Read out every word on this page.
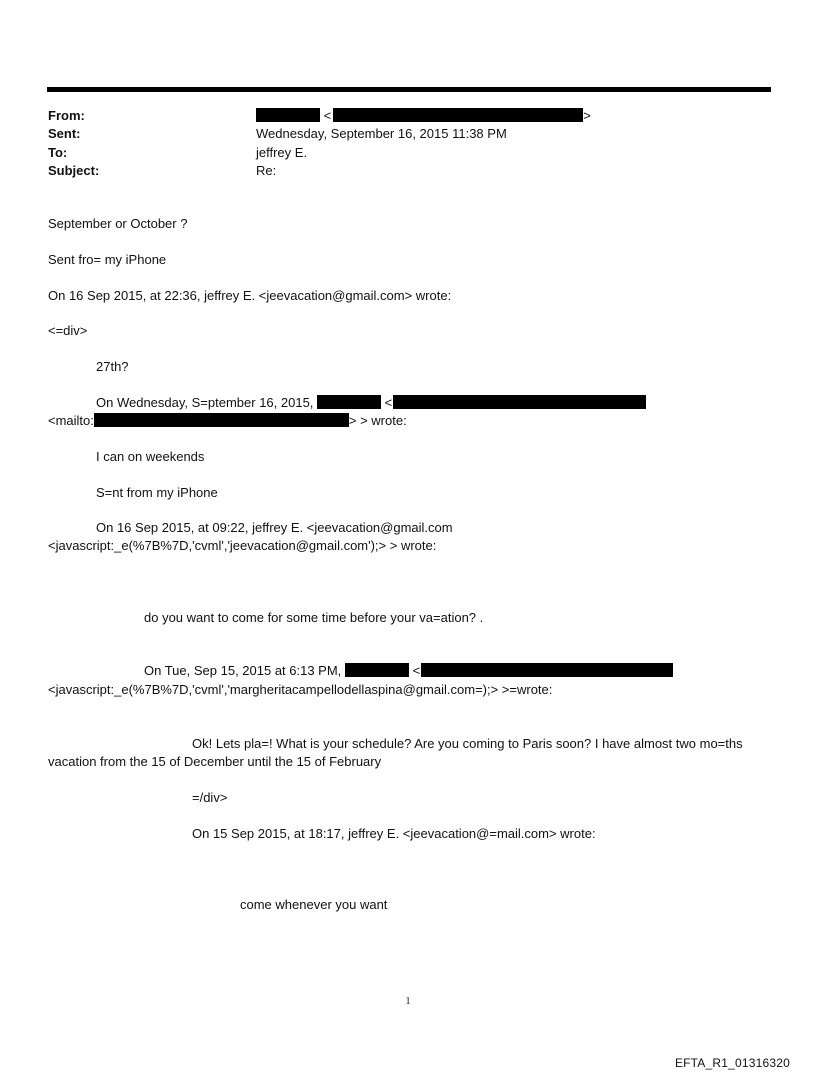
From:	<	>
Sent:	Wednesday, September 16, 2015 11:38 PM
To:	jeffrey E.
Subject:	Re:
September or October ?
Sent fro= my iPhone
On 16 Sep 2015, at 22:36, jeffrey E. <jeevacation@gmail.com> wrote:
<=div>
27th?
On Wednesday, S=ptember 16, 2015,	<
<mailto:	> > wrote:
I can on weekends
S=nt from my iPhone
On 16 Sep 2015, at 09:22, jeffrey E. <jeevacation@gmail.com
<javascript:_e(%7B%7D,'cvml','jeevacation@gmail.com');> > wrote:
do you want to come for some time before your va=ation? .
On Tue, Sep 15, 2015 at 6:13 PM,	<
<javascript:_e(%7B%7D,'cvml','margheritacampellodellaspina@gmail.com=);> >=wrote:
Ok! Lets pla=! What is your schedule? Are you coming to Paris soon? I have almost two mo=ths
vacation from the 15 of December until the 15 of February
=/div>
On 15 Sep 2015, at 18:17, jeffrey E. <jeevacation@=mail.com> wrote:
come whenever you want
1
EFTA_R1_01316320
